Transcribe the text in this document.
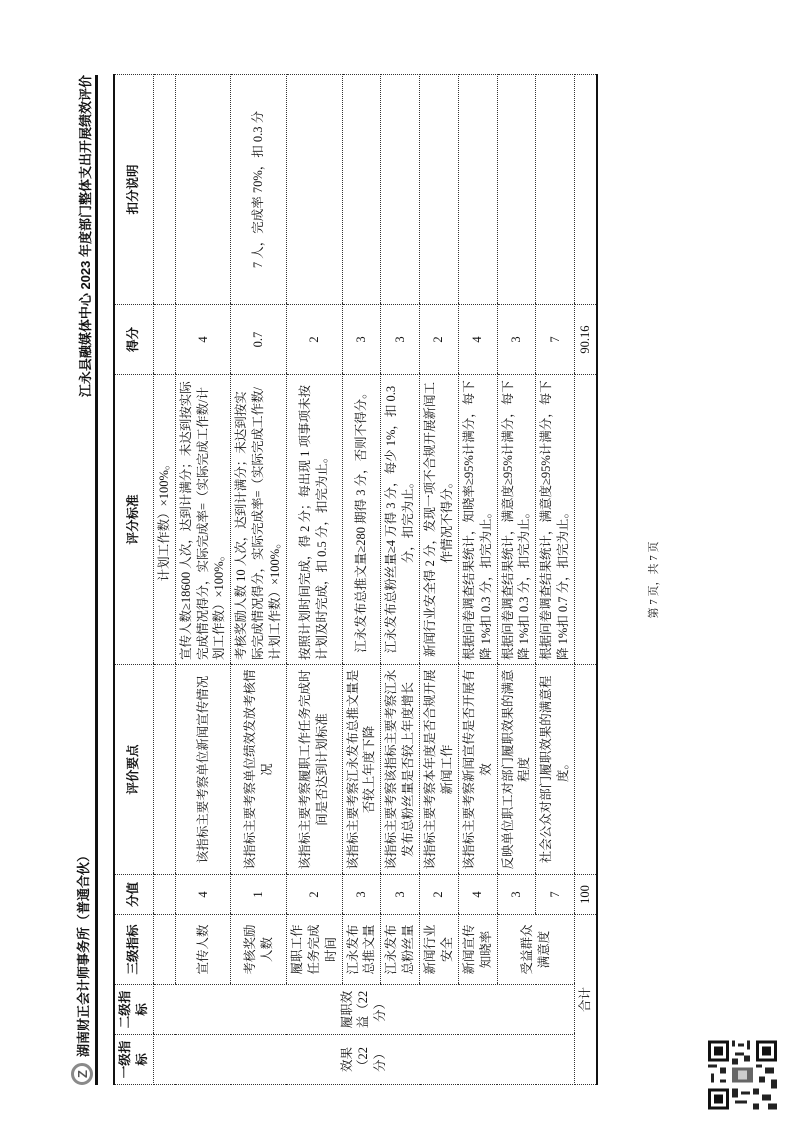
Z
湖南财正会计师事务所（普通合伙）
江永县融媒体中心 2023 年度部门整体支出开展绩效评价
一级指标	二级指标	三级指标	分值	评价要点	评分标准	得分	扣分说明
效果（22 分）	履职效益（22 分）				计划工作数）×100%。		
		宣传人数	4	该指标主要考察单位新闻宣传情况	宣传人数≥18600 人次，达到计满分；未达到按实际完成情况得分，实际完成率=（实际完成工作数/计划工作数）×100%。	4	
		考核奖励人数	1	该指标主要考察单位绩效发放考核情况	考核奖励人数 10 人次，达到计满分；未达到按实际完成情况得分，实际完成率=（实际完成工作数/计划工作数）×100%。	0.7	7 人，完成率 70%，扣 0.3 分
		履职工作任务完成时间	2	该指标主要考察履职工作任务完成时间是否达到计划标准	按照计划时间完成，得 2 分；每出现 1 项事项未按计划及时完成，扣 0.5 分，扣完为止。	2	
		江永发布总推文量	3	该指标主要考察江永发布总推文量是否较上年度下降	江永发布总推文量≥280 期得 3 分，否则不得分。	3	
		江永发布总粉丝量	3	该指标主要考察该指标主要考察江永发布总粉丝量是否较上年度增长	江永发布总粉丝量≥4 万得 3 分，每少 1%，扣 0.3 分，扣完为止。	3	
		新闻行业安全	2	该指标主要考察本年度是否合规开展新闻工作	新闻行业安全得 2 分，发现一项不合规开展新闻工作情况不得分。	2	
		新闻宣传知晓率	4	该指标主要考察新闻宣传是否开展有效	根据问卷调查结果统计，知晓率≥95%计满分，每下降 1%扣 0.3 分，扣完为止。	4	
		受益群众满意度	3	反映单位职工对部门履职效果的满意程度	根据问卷调查结果统计，满意度≥95%计满分，每下降 1%扣 0.3 分，扣完为止。	3	
			7	社会公众对部门履职效果的满意程度。	根据问卷调查结果统计，满意度≥95%计满分，每下降 1%扣 0.7 分，扣完为止。	7	
合计			100			90.16	
第 7 页，共 7 页
